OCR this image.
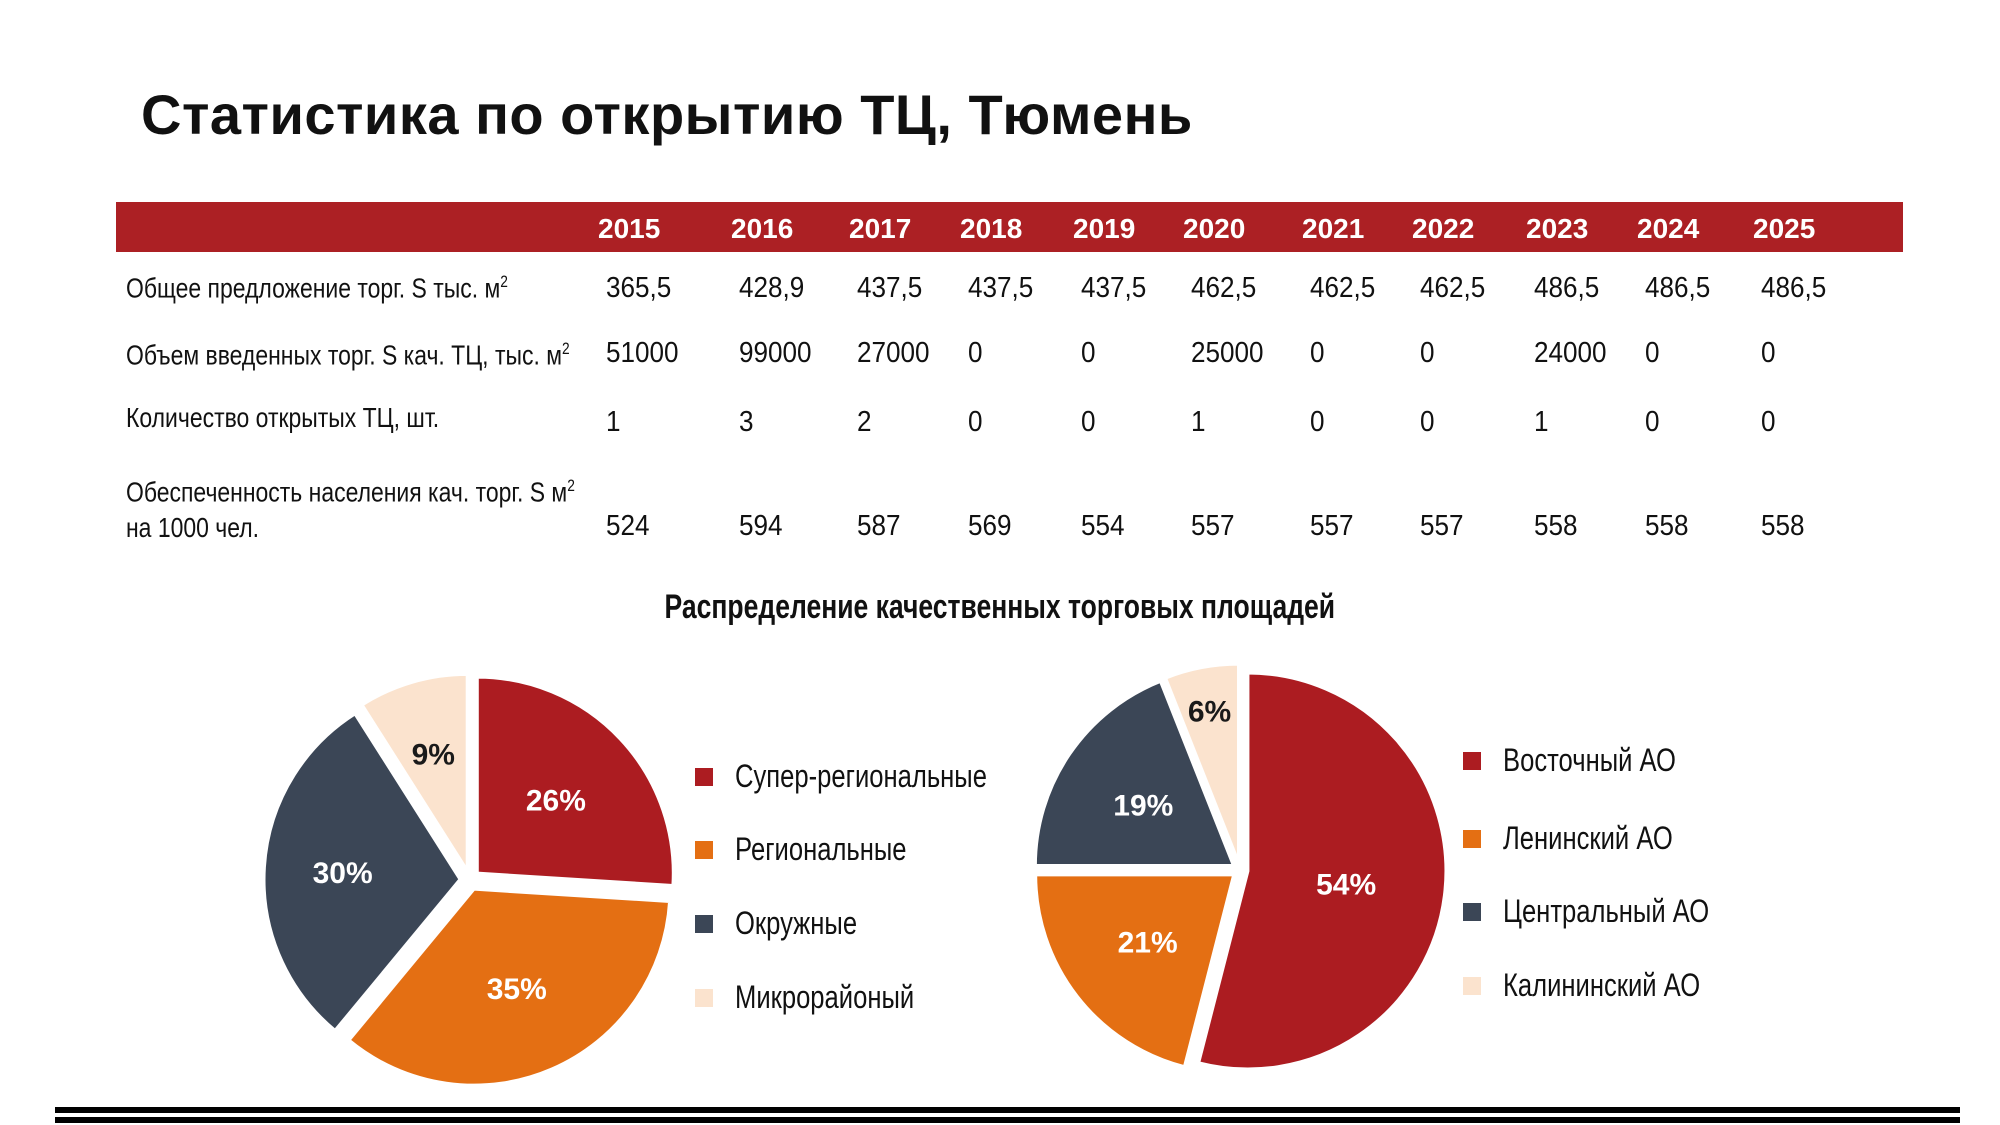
Статистика по открытию ТЦ, Тюмень
2015	2016 2017 2018 2019 2020 2021 2022 2023 2024 2025
Общее предложение торг. S тыс. $м^2$	365,5 428,9 437,5 437,5 437,5 462,5 462,5 462,5 486,5 486,5 486,5
Объем введенных торг. S кач. ТЦ, тыс. $м^2$ 51000 99000 27000 0	0	25000 0	0	24000 0	0
Количество открытых ТЦ, шт.	1	3	2	0	0	1	0	0	1	0	0
Обеспеченность населения кач. торг. S $м^2$
на 1000 чел.	524	594	587 569 554 557	557 557 558 558 558
Распределение качественных торговых площадей
26%
35%
30%
9%
54%
21%
19%
6%
Супер-региональные
Региональные
Окружные
Микрорайоный
Восточный АО
Ленинский АО
Центральный АО
Калининский АО
